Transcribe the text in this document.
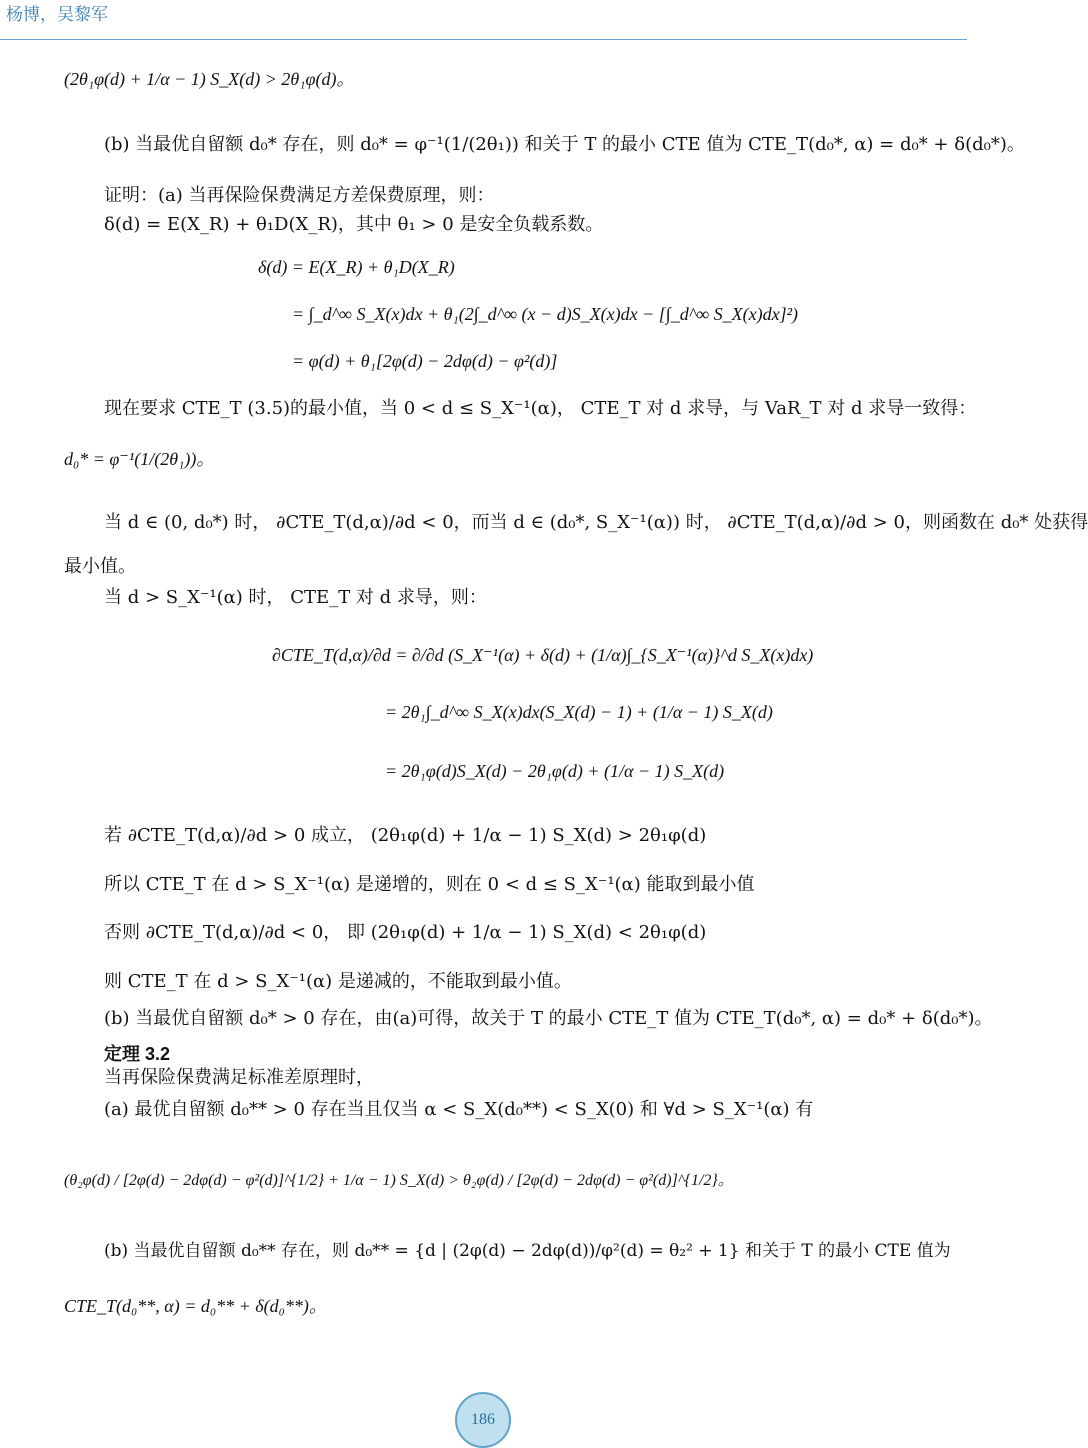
杨博，吴黎军
(2θ₁φ(d) + 1/α − 1) S_X(d) > 2θ₁φ(d)。
(b) 当最优自留额 d₀* 存在，则 d₀* = φ⁻¹(1/(2θ₁)) 和关于 T 的最小 CTE 值为 CTE_T(d₀*, α) = d₀* + δ(d₀*)。
证明：(a) 当再保险保费满足方差保费原理，则：
δ(d) = E(X_R) + θ₁D(X_R)，其中 θ₁ > 0 是安全负载系数。
δ(d) = E(X_R) + θ₁D(X_R)
= ∫_d^∞ S_X(x)dx + θ₁(2∫_d^∞ (x − d)S_X(x)dx − [∫_d^∞ S_X(x)dx]²)
= φ(d) + θ₁[2φ(d) − 2dφ(d) − φ²(d)]
现在要求 CTE_T (3.5)的最小值，当 0 < d ≤ S_X⁻¹(α)， CTE_T 对 d 求导，与 VaR_T 对 d 求导一致得：
d₀* = φ⁻¹(1/(2θ₁))。
当 d ∈ (0, d₀*) 时， ∂CTE_T(d,α)/∂d < 0，而当 d ∈ (d₀*, S_X⁻¹(α)) 时， ∂CTE_T(d,α)/∂d > 0，则函数在 d₀* 处获得
最小值。
当 d > S_X⁻¹(α) 时， CTE_T 对 d 求导，则：
∂CTE_T(d,α)/∂d = ∂/∂d (S_X⁻¹(α) + δ(d) + (1/α)∫_{S_X⁻¹(α)}^d S_X(x)dx)
= 2θ₁∫_d^∞ S_X(x)dx(S_X(d) − 1) + (1/α − 1) S_X(d)
= 2θ₁φ(d)S_X(d) − 2θ₁φ(d) + (1/α − 1) S_X(d)
若 ∂CTE_T(d,α)/∂d > 0 成立， (2θ₁φ(d) + 1/α − 1) S_X(d) > 2θ₁φ(d)
所以 CTE_T 在 d > S_X⁻¹(α) 是递增的，则在 0 < d ≤ S_X⁻¹(α) 能取到最小值
否则 ∂CTE_T(d,α)/∂d < 0， 即 (2θ₁φ(d) + 1/α − 1) S_X(d) < 2θ₁φ(d)
则 CTE_T 在 d > S_X⁻¹(α) 是递减的，不能取到最小值。
(b) 当最优自留额 d₀* > 0 存在，由(a)可得，故关于 T 的最小 CTE_T 值为 CTE_T(d₀*, α) = d₀* + δ(d₀*)。
定理 3.2
当再保险保费满足标准差原理时，
(a) 最优自留额 d₀** > 0 存在当且仅当 α < S_X(d₀**) < S_X(0) 和 ∀d > S_X⁻¹(α) 有
(θ₂φ(d) / [2φ(d) − 2dφ(d) − φ²(d)]^{1/2} + 1/α − 1) S_X(d) > θ₂φ(d) / [2φ(d) − 2dφ(d) − φ²(d)]^{1/2}。
(b) 当最优自留额 d₀** 存在，则 d₀** = {d | (2φ(d) − 2dφ(d))/φ²(d) = θ₂² + 1} 和关于 T 的最小 CTE 值为
CTE_T(d₀**, α) = d₀** + δ(d₀**)。
186
